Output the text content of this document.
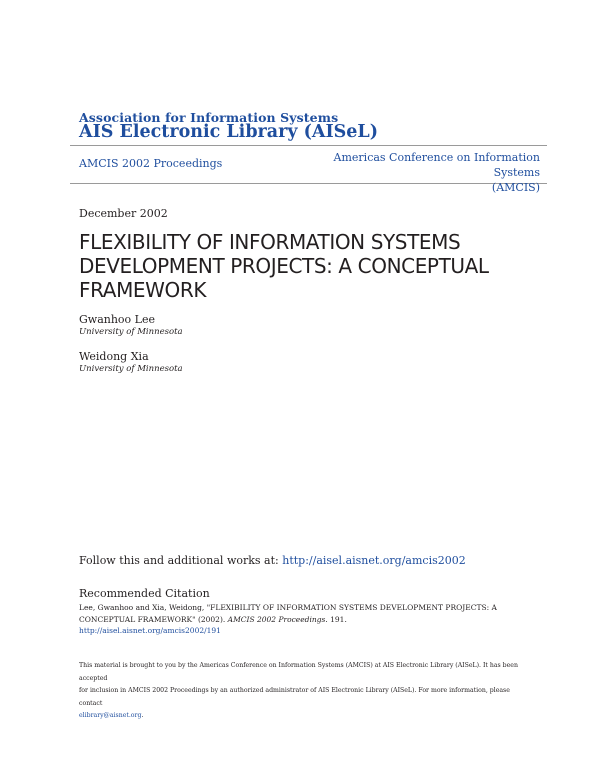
Association for Information Systems
AIS Electronic Library (AISeL)
AMCIS 2002 Proceedings	Americas Conference on Information Systems
(AMCIS)
December 2002
FLEXIBILITY OF INFORMATION SYSTEMS DEVELOPMENT PROJECTS: A CONCEPTUAL FRAMEWORK
Gwanhoo Lee
University of Minnesota
Weidong Xia
University of Minnesota
Follow this and additional works at: http://aisel.aisnet.org/amcis2002
Recommended Citation
Lee, Gwanhoo and Xia, Weidong, "FLEXIBILITY OF INFORMATION SYSTEMS DEVELOPMENT PROJECTS: A
CONCEPTUAL FRAMEWORK" (2002). AMCIS 2002 Proceedings. 191.
http://aisel.aisnet.org/amcis2002/191
This material is brought to you by the Americas Conference on Information Systems (AMCIS) at AIS Electronic Library (AISeL). It has been accepted
for inclusion in AMCIS 2002 Proceedings by an authorized administrator of AIS Electronic Library (AISeL). For more information, please contact
elibrary@aisnet.org.
